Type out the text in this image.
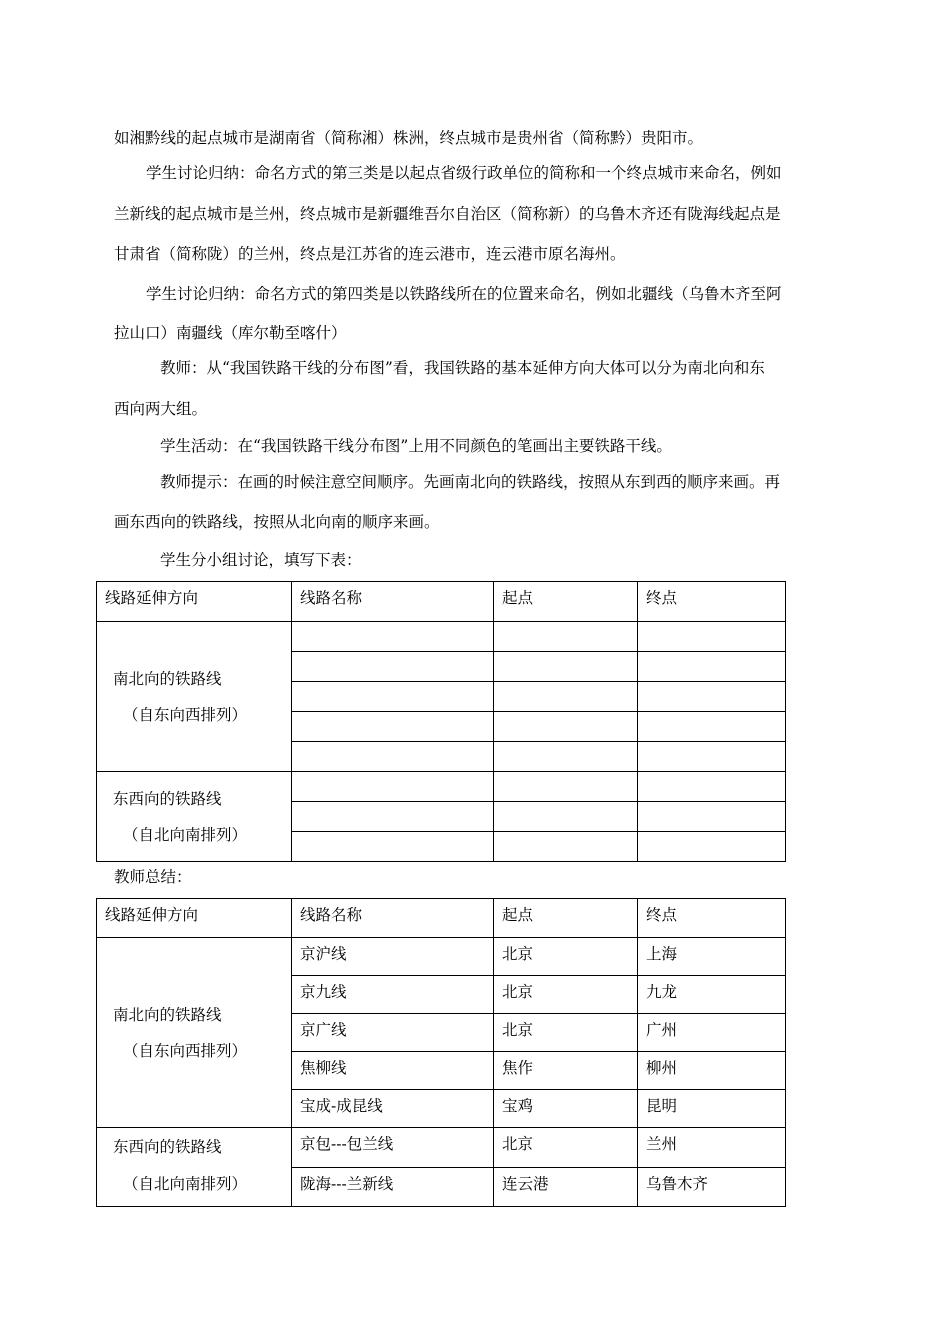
如湘黔线的起点城市是湖南省（简称湘）株洲，终点城市是贵州省（简称黔）贵阳市。
学生讨论归纳：命名方式的第三类是以起点省级行政单位的简称和一个终点城市来命名，例如
兰新线的起点城市是兰州，终点城市是新疆维吾尔自治区（简称新）的乌鲁木齐还有陇海线起点是
甘肃省（简称陇）的兰州，终点是江苏省的连云港市，连云港市原名海州。
学生讨论归纳：命名方式的第四类是以铁路线所在的位置来命名，例如北疆线（乌鲁木齐至阿
拉山口）南疆线（库尔勒至喀什）
教师：从“我国铁路干线的分布图”看，我国铁路的基本延伸方向大体可以分为南北向和东
西向两大组。
学生活动：在“我国铁路干线分布图”上用不同颜色的笔画出主要铁路干线。
教师提示：在画的时候注意空间顺序。先画南北向的铁路线，按照从东到西的顺序来画。再
画东西向的铁路线，按照从北向南的顺序来画。
学生分小组讨论，填写下表：
线路延伸方向	线路名称	起点	终点

南北向的铁路线
（自东向西排列）			

东西向的铁路线
（自北向南排列）			

教师总结：
线路延伸方向	线路名称	起点	终点

南北向的铁路线
（自东向西排列）	京沪线	北京	上海
	京九线	北京	九龙
	京广线	北京	广州
	焦柳线	焦作	柳州
	宝成-成昆线	宝鸡	昆明

东西向的铁路线
（自北向南排列）	京包---包兰线	北京	兰州
	陇海---兰新线	连云港	乌鲁木齐
